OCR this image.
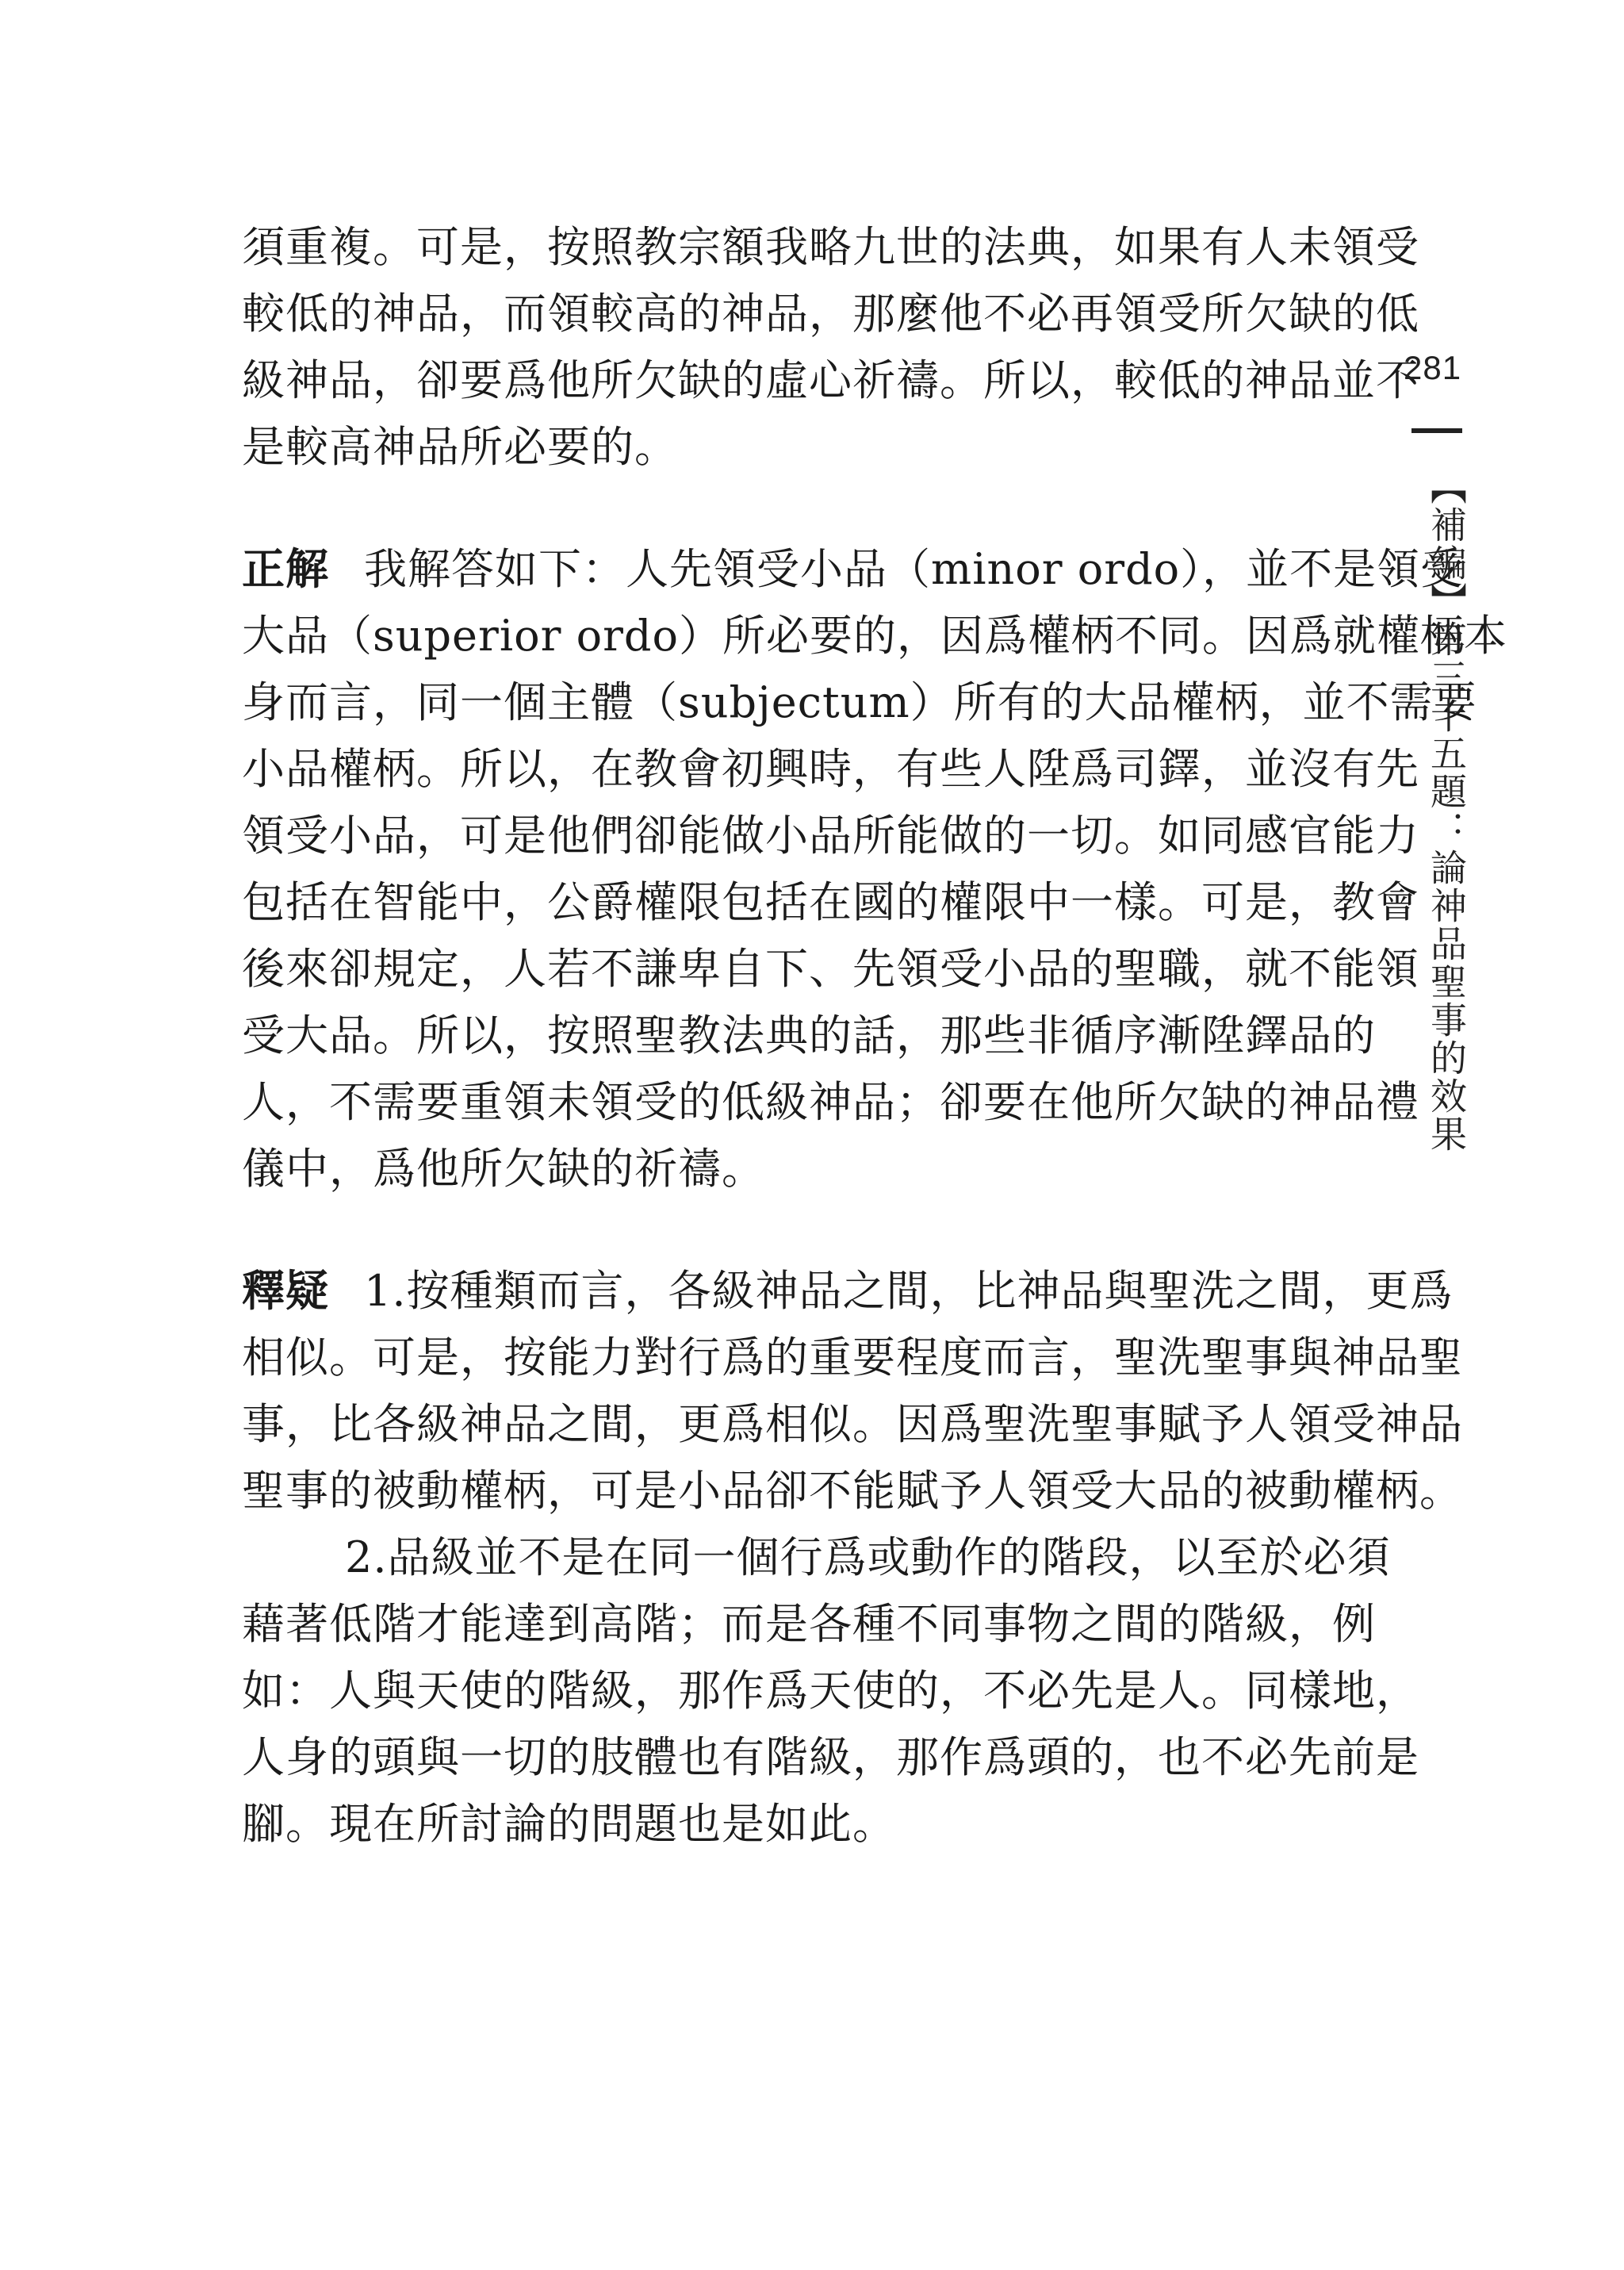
須重複。可是，按照教宗額我略九世的法典，如果有人未領受
較低的神品，而領較高的神品，那麼他不必再領受所欠缺的低
級神品，卻要爲他所欠缺的虛心祈禱。所以，較低的神品並不
是較高神品所必要的。
正解 我解答如下：人先領受小品（minor ordo），並不是領受
大品（superior ordo）所必要的，因爲權柄不同。因爲就權柄本
身而言，同一個主體（subjectum）所有的大品權柄，並不需要
小品權柄。所以，在教會初興時，有些人陞爲司鐸，並沒有先
領受小品，可是他們卻能做小品所能做的一切。如同感官能力
包括在智能中，公爵權限包括在國的權限中一樣。可是，教會
後來卻規定，人若不謙卑自下、先領受小品的聖職，就不能領
受大品。所以，按照聖教法典的話，那些非循序漸陞鐸品的
人，不需要重領未領受的低級神品；卻要在他所欠缺的神品禮
儀中，爲他所欠缺的祈禱。
釋疑 1.按種類而言，各級神品之間，比神品與聖洗之間，更爲
相似。可是，按能力對行爲的重要程度而言，聖洗聖事與神品聖
事，比各級神品之間，更爲相似。因爲聖洗聖事賦予人領受神品
聖事的被動權柄，可是小品卻不能賦予人領受大品的被動權柄。
2.品級並不是在同一個行爲或動作的階段，以至於必須
藉著低階才能達到高階；而是各種不同事物之間的階級，例
如：人與天使的階級，那作爲天使的，不必先是人。同樣地，
人身的頭與一切的肢體也有階級，那作爲頭的，也不必先前是
腳。現在所討論的問題也是如此。
281
【補編】第三十五題：論神品聖事的效果
